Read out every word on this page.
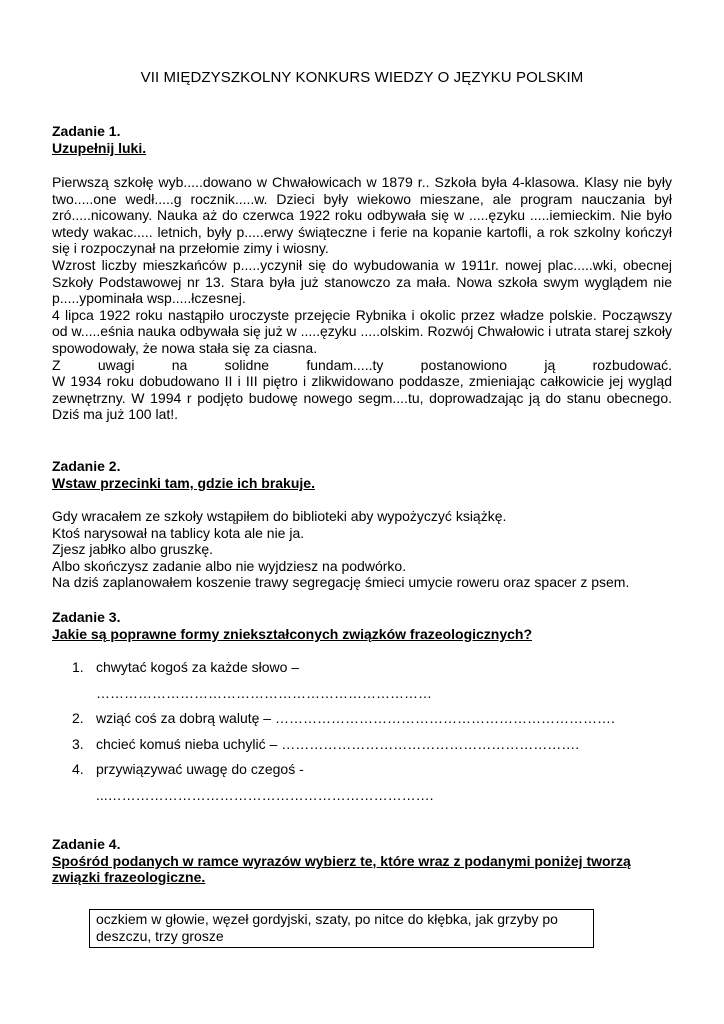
VII MIĘDZYSZKOLNY KONKURS WIEDZY O JĘZYKU POLSKIM
Zadanie 1.
Uzupełnij luki.

Pierwszą szkołę wyb.....dowano w Chwałowicach w 1879 r.. Szkoła była 4-klasowa. Klasy nie były two.....one wedł.....g rocznik.....w. Dzieci były wiekowo mieszane, ale program nauczania był zró.....nicowany. Nauka aż do czerwca 1922 roku odbywała się w .....ęzyku .....iemieckim. Nie było wtedy wakac..... letnich, były p.....erwy świąteczne i ferie na kopanie kartofli, a rok szkolny kończył się i rozpoczynał na przełomie zimy i wiosny.

Wzrost liczby mieszkańców p.....yczynił się do wybudowania w 1911r. nowej plac.....wki, obecnej Szkoły Podstawowej nr 13. Stara była już stanowczo za mała. Nowa szkoła swym wyglądem nie p.....ypominała wsp.....łczesnej.

4 lipca 1922 roku nastąpiło uroczyste przejęcie Rybnika i okolic przez władze polskie. Począwszy od w.....eśnia nauka odbywała się już w .....ęzyku .....olskim. Rozwój Chwałowic i utrata starej szkoły spowodowały, że nowa stała się za ciasna.

Z uwagi na solidne fundam.....ty postanowiono ją rozbudować.

W 1934 roku dobudowano II i III piętro i zlikwidowano poddasze, zmieniając całkowicie jej wygląd zewnętrzny. W 1994 r podjęto budowę nowego segm....tu, doprowadzając ją do stanu obecnego. Dziś ma już 100 lat!.

Zadanie 2.
Wstaw przecinki tam, gdzie ich brakuje.

Gdy wracałem ze szkoły wstąpiłem do biblioteki aby wypożyczyć książkę.

Ktoś narysował na tablicy kota ale nie ja.

Zjesz jabłko albo gruszkę.

Albo skończysz zadanie albo nie wyjdziesz na podwórko.

Na dziś zaplanowałem koszenie trawy segregację śmieci umycie roweru oraz spacer z psem.

Zadanie 3.
Jakie są poprawne formy zniekształconych związków frazeologicznych?
1. chwytać kogoś za każde słowo –
………………………………………………………………
2. wziąć coś za dobrą walutę – ……………………………………………………………….
3. chcieć komuś nieba uchylić – ……………………………………………………….
4. przywiązywać uwagę do czegoś -
...…………………………………………………………….
Zadanie 4.
Spośród podanych w ramce wyrazów wybierz te, które wraz z podanymi poniżej tworzą związki frazeologiczne.
oczkiem w głowie, węzeł gordyjski, szaty, po nitce do kłębka, jak grzyby po deszczu, trzy grosze
